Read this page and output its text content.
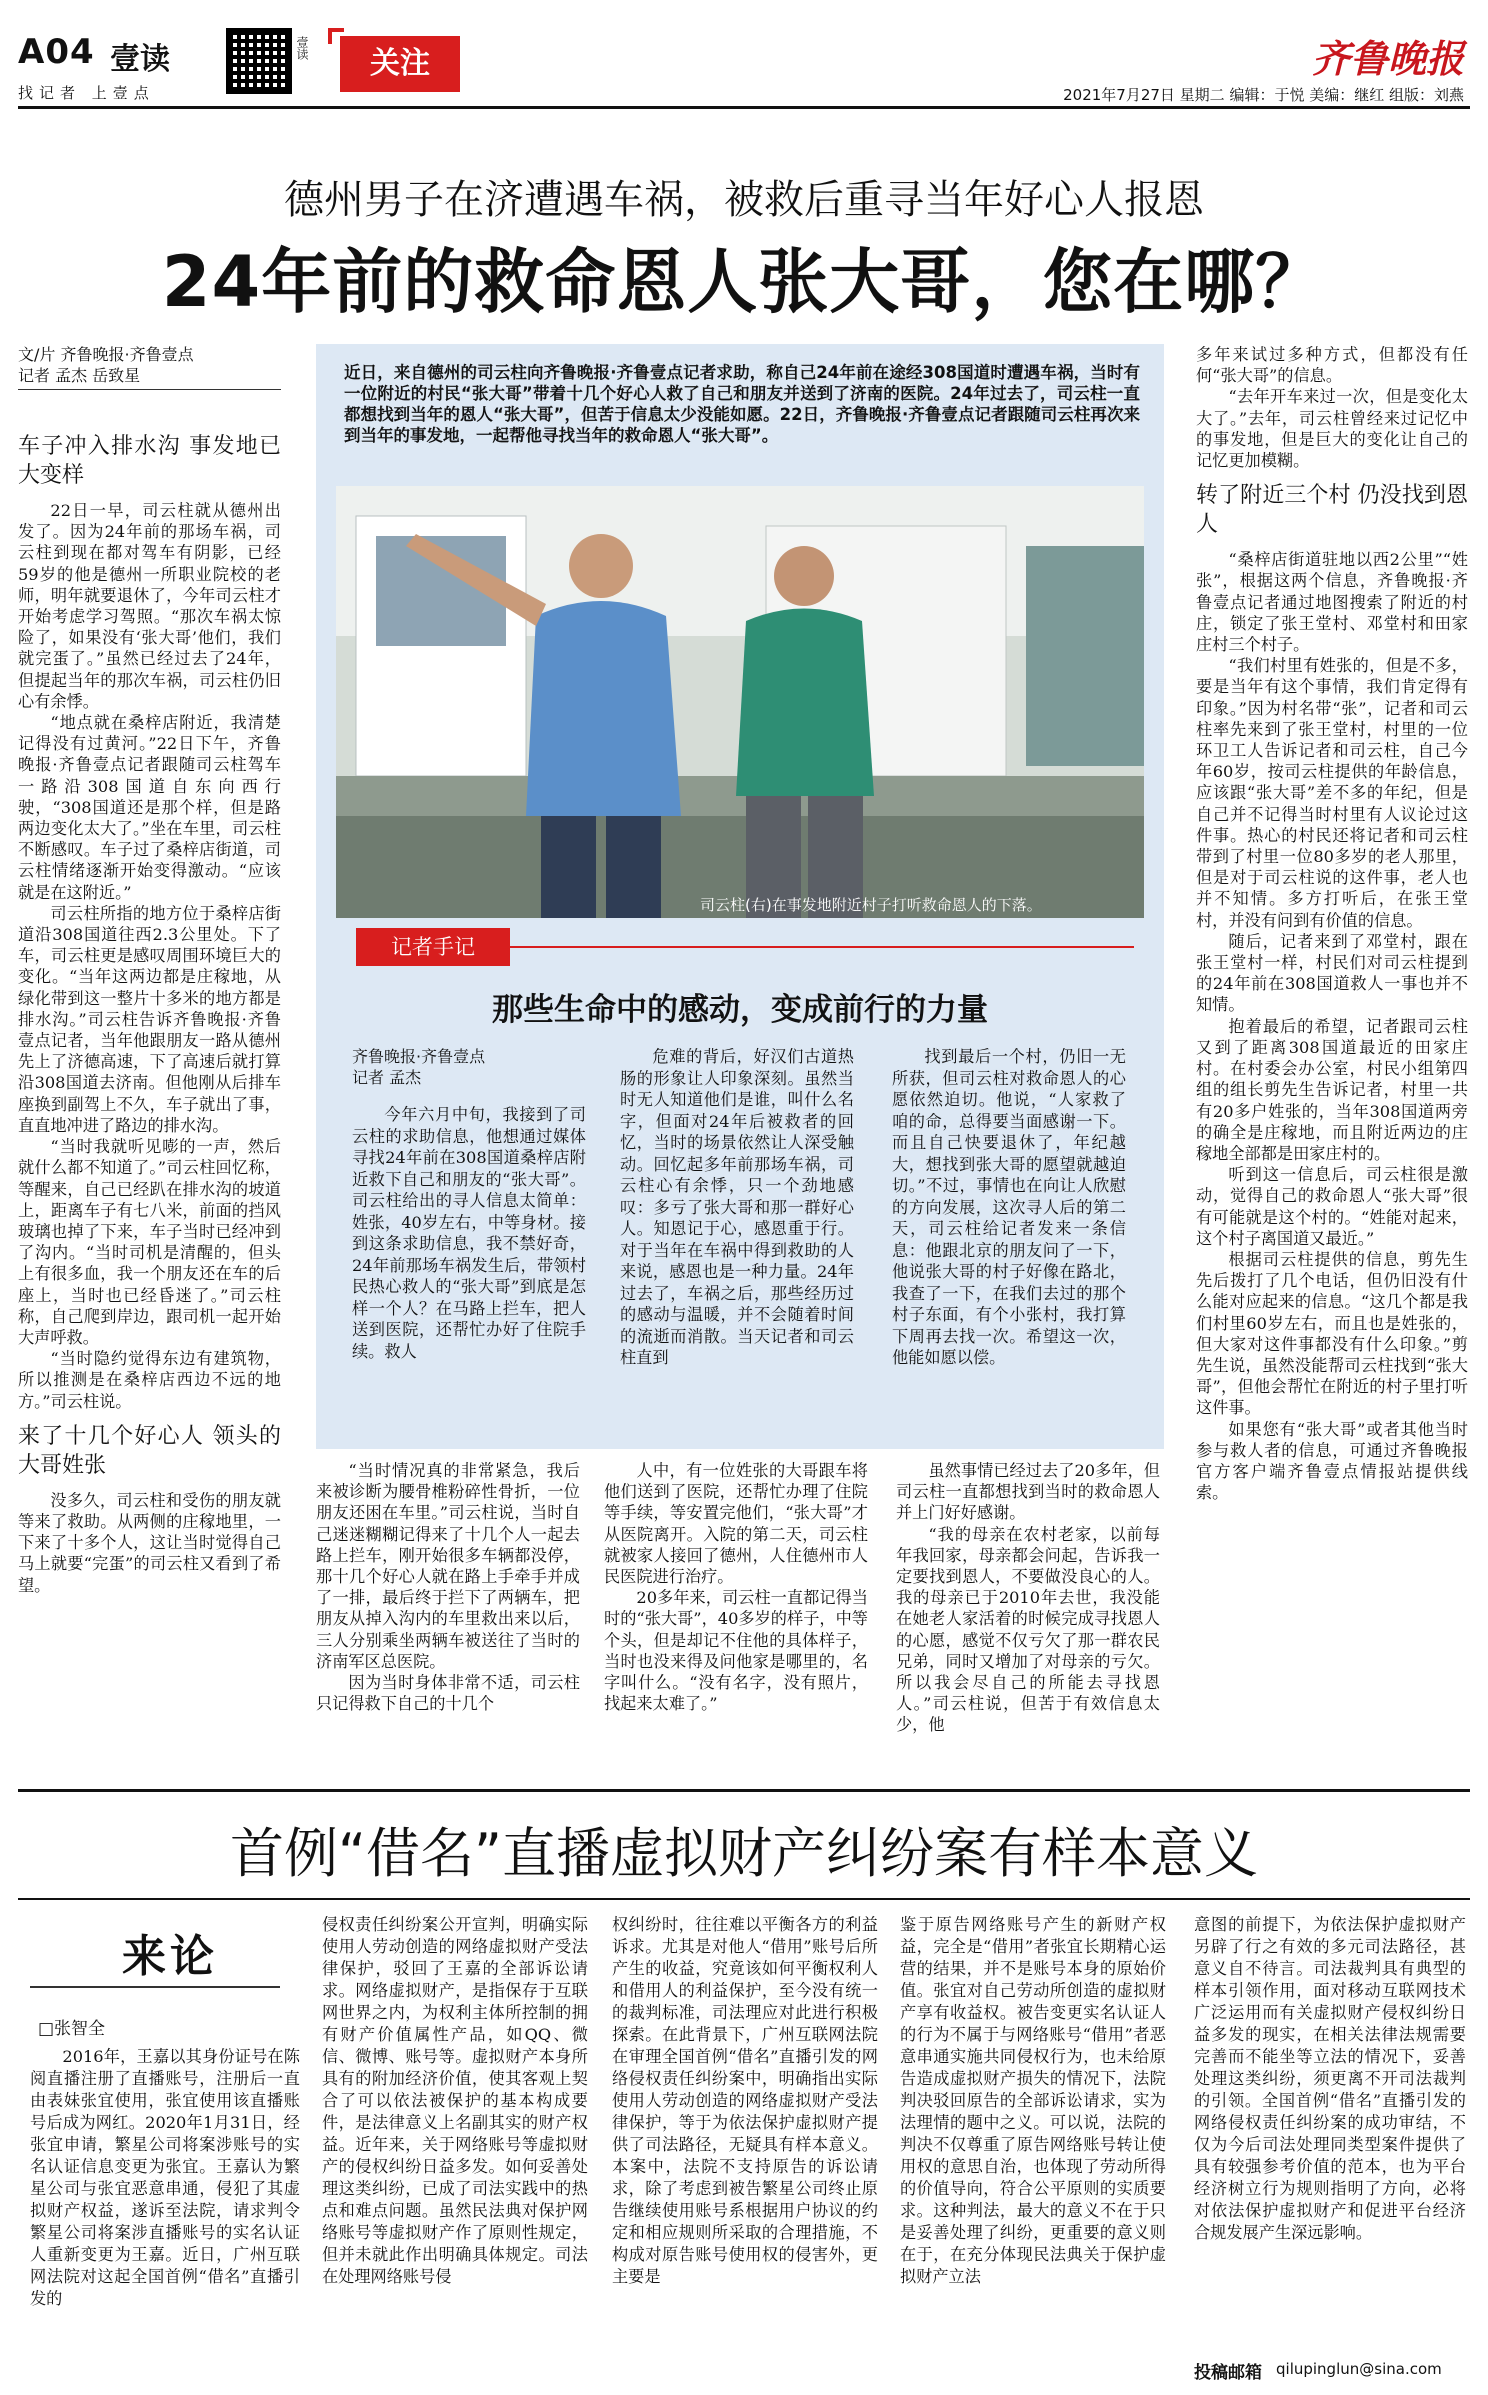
A04 壹读
找记者 上壹点
壹读	关注	齐鲁晚报
2021年7月27日 星期二 编辑：于悦 美编：继红 组版：刘燕
德州男子在济遭遇车祸，被救后重寻当年好心人报恩
24年前的救命恩人张大哥，您在哪？
文/片 齐鲁晚报·齐鲁壹点
记者 孟杰 岳致星
车子冲入排水沟 事发地已大变样

22日一早，司云柱就从德州出发了。因为24年前的那场车祸，司云柱到现在都对驾车有阴影，已经59岁的他是德州一所职业院校的老师，明年就要退休了，今年司云柱才开始考虑学习驾照。“那次车祸太惊险了，如果没有‘张大哥’他们，我们就完蛋了。”虽然已经过去了24年，但提起当年的那次车祸，司云柱仍旧心有余悸。

“地点就在桑梓店附近，我清楚记得没有过黄河。”22日下午，齐鲁晚报·齐鲁壹点记者跟随司云柱驾车一路沿308国道自东向西行驶，“308国道还是那个样，但是路两边变化太大了。”坐在车里，司云柱不断感叹。车子过了桑梓店街道，司云柱情绪逐渐开始变得激动。“应该就是在这附近。”

司云柱所指的地方位于桑梓店街道沿308国道往西2.3公里处。下了车，司云柱更是感叹周围环境巨大的变化。“当年这两边都是庄稼地，从绿化带到这一整片十多米的地方都是排水沟。”司云柱告诉齐鲁晚报·齐鲁壹点记者，当年他跟朋友一路从德州先上了济德高速，下了高速后就打算沿308国道去济南。但他刚从后排车座换到副驾上不久，车子就出了事，直直地冲进了路边的排水沟。

“当时我就听见嘭的一声，然后就什么都不知道了。”司云柱回忆称，等醒来，自己已经趴在排水沟的坡道上，距离车子有七八米，前面的挡风玻璃也掉了下来，车子当时已经冲到了沟内。“当时司机是清醒的，但头上有很多血，我一个朋友还在车的后座上，当时也已经昏迷了。”司云柱称，自己爬到岸边，跟司机一起开始大声呼救。

“当时隐约觉得东边有建筑物，所以推测是在桑梓店西边不远的地方。”司云柱说。

来了十几个好心人 领头的大哥姓张

没多久，司云柱和受伤的朋友就等来了救助。从两侧的庄稼地里，一下来了十多个人，这让当时觉得自己马上就要“完蛋”的司云柱又看到了希望。

近日，来自德州的司云柱向齐鲁晚报·齐鲁壹点记者求助，称自己24年前在途经308国道时遭遇车祸，当时有一位附近的村民“张大哥”带着十几个好心人救了自己和朋友并送到了济南的医院。24年过去了，司云柱一直都想找到当年的恩人“张大哥”，但苦于信息太少没能如愿。22日，齐鲁晚报·齐鲁壹点记者跟随司云柱再次来到当年的事发地，一起帮他寻找当年的救命恩人“张大哥”。
司云柱(右)在事发地附近村子打听救命恩人的下落。
记者手记
那些生命中的感动，变成前行的力量
齐鲁晚报·齐鲁壹点
记者 孟杰

今年六月中旬，我接到了司云柱的求助信息，他想通过媒体寻找24年前在308国道桑梓店附近救下自己和朋友的“张大哥”。司云柱给出的寻人信息太简单：姓张，40岁左右，中等身材。接到这条求助信息，我不禁好奇，24年前那场车祸发生后，带领村民热心救人的“张大哥”到底是怎样一个人？在马路上拦车，把人送到医院，还帮忙办好了住院手续。救人

危难的背后，好汉们古道热肠的形象让人印象深刻。虽然当时无人知道他们是谁，叫什么名字，但面对24年后被救者的回忆，当时的场景依然让人深受触动。回忆起多年前那场车祸，司云柱心有余悸，只一个劲地感叹：多亏了张大哥和那一群好心人。知恩记于心，感恩重于行。对于当年在车祸中得到救助的人来说，感恩也是一种力量。24年过去了，车祸之后，那些经历过的感动与温暖，并不会随着时间的流逝而消散。当天记者和司云柱直到

找到最后一个村，仍旧一无所获，但司云柱对救命恩人的心愿依然迫切。他说，“人家救了咱的命，总得要当面感谢一下。而且自己快要退休了，年纪越大，想找到张大哥的愿望就越迫切。”不过，事情也在向让人欣慰的方向发展，这次寻人后的第二天，司云柱给记者发来一条信息：他跟北京的朋友问了一下，他说张大哥的村子好像在路北，我查了一下，在我们去过的那个村子东面，有个小张村，我打算下周再去找一次。希望这一次，他能如愿以偿。

“当时情况真的非常紧急，我后来被诊断为腰骨椎粉碎性骨折，一位朋友还困在车里。”司云柱说，当时自己迷迷糊糊记得来了十几个人一起去路上拦车，刚开始很多车辆都没停，那十几个好心人就在路上手牵手并成了一排，最后终于拦下了两辆车，把朋友从掉入沟内的车里救出来以后，三人分别乘坐两辆车被送往了当时的济南军区总医院。

因为当时身体非常不适，司云柱只记得救下自己的十几个

人中，有一位姓张的大哥跟车将他们送到了医院，还帮忙办理了住院等手续，等安置完他们，“张大哥”才从医院离开。入院的第二天，司云柱就被家人接回了德州，人住德州市人民医院进行治疗。

20多年来，司云柱一直都记得当时的“张大哥”，40多岁的样子，中等个头，但是却记不住他的具体样子，当时也没来得及问他家是哪里的，名字叫什么。“没有名字，没有照片，找起来太难了。”

虽然事情已经过去了20多年，但司云柱一直都想找到当时的救命恩人并上门好好感谢。

“我的母亲在农村老家，以前每年我回家，母亲都会问起，告诉我一定要找到恩人，不要做没良心的人。我的母亲已于2010年去世，我没能在她老人家活着的时候完成寻找恩人的心愿，感觉不仅亏欠了那一群农民兄弟，同时又增加了对母亲的亏欠。所以我会尽自己的所能去寻找恩人。”司云柱说，但苦于有效信息太少，他

多年来试过多种方式，但都没有任何“张大哥”的信息。

“去年开车来过一次，但是变化太大了。”去年，司云柱曾经来过记忆中的事发地，但是巨大的变化让自己的记忆更加模糊。

转了附近三个村 仍没找到恩人

“桑梓店街道驻地以西2公里”“姓张”，根据这两个信息，齐鲁晚报·齐鲁壹点记者通过地图搜索了附近的村庄，锁定了张王堂村、邓堂村和田家庄村三个村子。

“我们村里有姓张的，但是不多，要是当年有这个事情，我们肯定得有印象。”因为村名带“张”，记者和司云柱率先来到了张王堂村，村里的一位环卫工人告诉记者和司云柱，自己今年60岁，按司云柱提供的年龄信息，应该跟“张大哥”差不多的年纪，但是自己并不记得当时村里有人议论过这件事。热心的村民还将记者和司云柱带到了村里一位80多岁的老人那里，但是对于司云柱说的这件事，老人也并不知情。多方打听后，在张王堂村，并没有问到有价值的信息。

随后，记者来到了邓堂村，跟在张王堂村一样，村民们对司云柱提到的24年前在308国道救人一事也并不知情。

抱着最后的希望，记者跟司云柱又到了距离308国道最近的田家庄村。在村委会办公室，村民小组第四组的组长剪先生告诉记者，村里一共有20多户姓张的，当年308国道两旁的确全是庄稼地，而且附近两边的庄稼地全部都是田家庄村的。

听到这一信息后，司云柱很是激动，觉得自己的救命恩人“张大哥”很有可能就是这个村的。“姓能对起来，这个村子离国道又最近。”

根据司云柱提供的信息，剪先生先后拨打了几个电话，但仍旧没有什么能对应起来的信息。“这几个都是我们村里60岁左右，而且也是姓张的，但大家对这件事都没有什么印象。”剪先生说，虽然没能帮司云柱找到“张大哥”，但他会帮忙在附近的村子里打听这件事。

如果您有“张大哥”或者其他当时参与救人者的信息，可通过齐鲁晚报官方客户端齐鲁壹点情报站提供线索。

首例“借名”直播虚拟财产纠纷案有样本意义
来论
□张智全

2016年，王嘉以其身份证号在陈阅直播注册了直播账号，注册后一直由表妹张宜使用，张宜使用该直播账号后成为网红。2020年1月31日，经张宜申请，繁星公司将案涉账号的实名认证信息变更为张宜。王嘉认为繁星公司与张宜恶意串通，侵犯了其虚拟财产权益，遂诉至法院，请求判令繁星公司将案涉直播账号的实名认证人重新变更为王嘉。近日，广州互联网法院对这起全国首例“借名”直播引发的

侵权责任纠纷案公开宣判，明确实际使用人劳动创造的网络虚拟财产受法律保护，驳回了王嘉的全部诉讼请求。网络虚拟财产，是指保存于互联网世界之内，为权利主体所控制的拥有财产价值属性产品，如QQ、微信、微博、账号等。虚拟财产本身所具有的附加经济价值，使其客观上契合了可以依法被保护的基本构成要件，是法律意义上名副其实的财产权益。近年来，关于网络账号等虚拟财产的侵权纠纷日益多发。如何妥善处理这类纠纷，已成了司法实践中的热点和难点问题。虽然民法典对保护网络账号等虚拟财产作了原则性规定，但并未就此作出明确具体规定。司法在处理网络账号侵

权纠纷时，往往难以平衡各方的利益诉求。尤其是对他人“借用”账号后所产生的收益，究竟该如何平衡权利人和借用人的利益保护，至今没有统一的裁判标准，司法理应对此进行积极探索。在此背景下，广州互联网法院在审理全国首例“借名”直播引发的网络侵权责任纠纷案中，明确指出实际使用人劳动创造的网络虚拟财产受法律保护，等于为依法保护虚拟财产提供了司法路径，无疑具有样本意义。本案中，法院不支持原告的诉讼请求，除了考虑到被告繁星公司终止原告继续使用账号系根据用户协议的约定和相应规则所采取的合理措施，不构成对原告账号使用权的侵害外，更主要是

鉴于原告网络账号产生的新财产权益，完全是“借用”者张宜长期精心运营的结果，并不是账号本身的原始价值。张宜对自己劳动所创造的虚拟财产享有收益权。被告变更实名认证人的行为不属于与网络账号“借用”者恶意串通实施共同侵权行为，也未给原告造成虚拟财产损失的情况下，法院判决驳回原告的全部诉讼请求，实为法理情的题中之义。可以说，法院的判决不仅尊重了原告网络账号转让使用权的意思自治，也体现了劳动所得的价值导向，符合公平原则的实质要求。这种判法，最大的意义不在于只是妥善处理了纠纷，更重要的意义则在于，在充分体现民法典关于保护虚拟财产立法

意图的前提下，为依法保护虚拟财产另辟了行之有效的多元司法路径，甚意义自不待言。司法裁判具有典型的样本引领作用，面对移动互联网技术广泛运用而有关虚拟财产侵权纠纷日益多发的现实，在相关法律法规需要完善而不能坐等立法的情况下，妥善处理这类纠纷，须更离不开司法裁判的引领。全国首例“借名”直播引发的网络侵权责任纠纷案的成功审结，不仅为今后司法处理同类型案件提供了具有较强参考价值的范本，也为平台经济树立行为规则指明了方向，必将对依法保护虚拟财产和促进平台经济合规发展产生深远影响。

投稿邮箱 qilupinglun@sina.com
